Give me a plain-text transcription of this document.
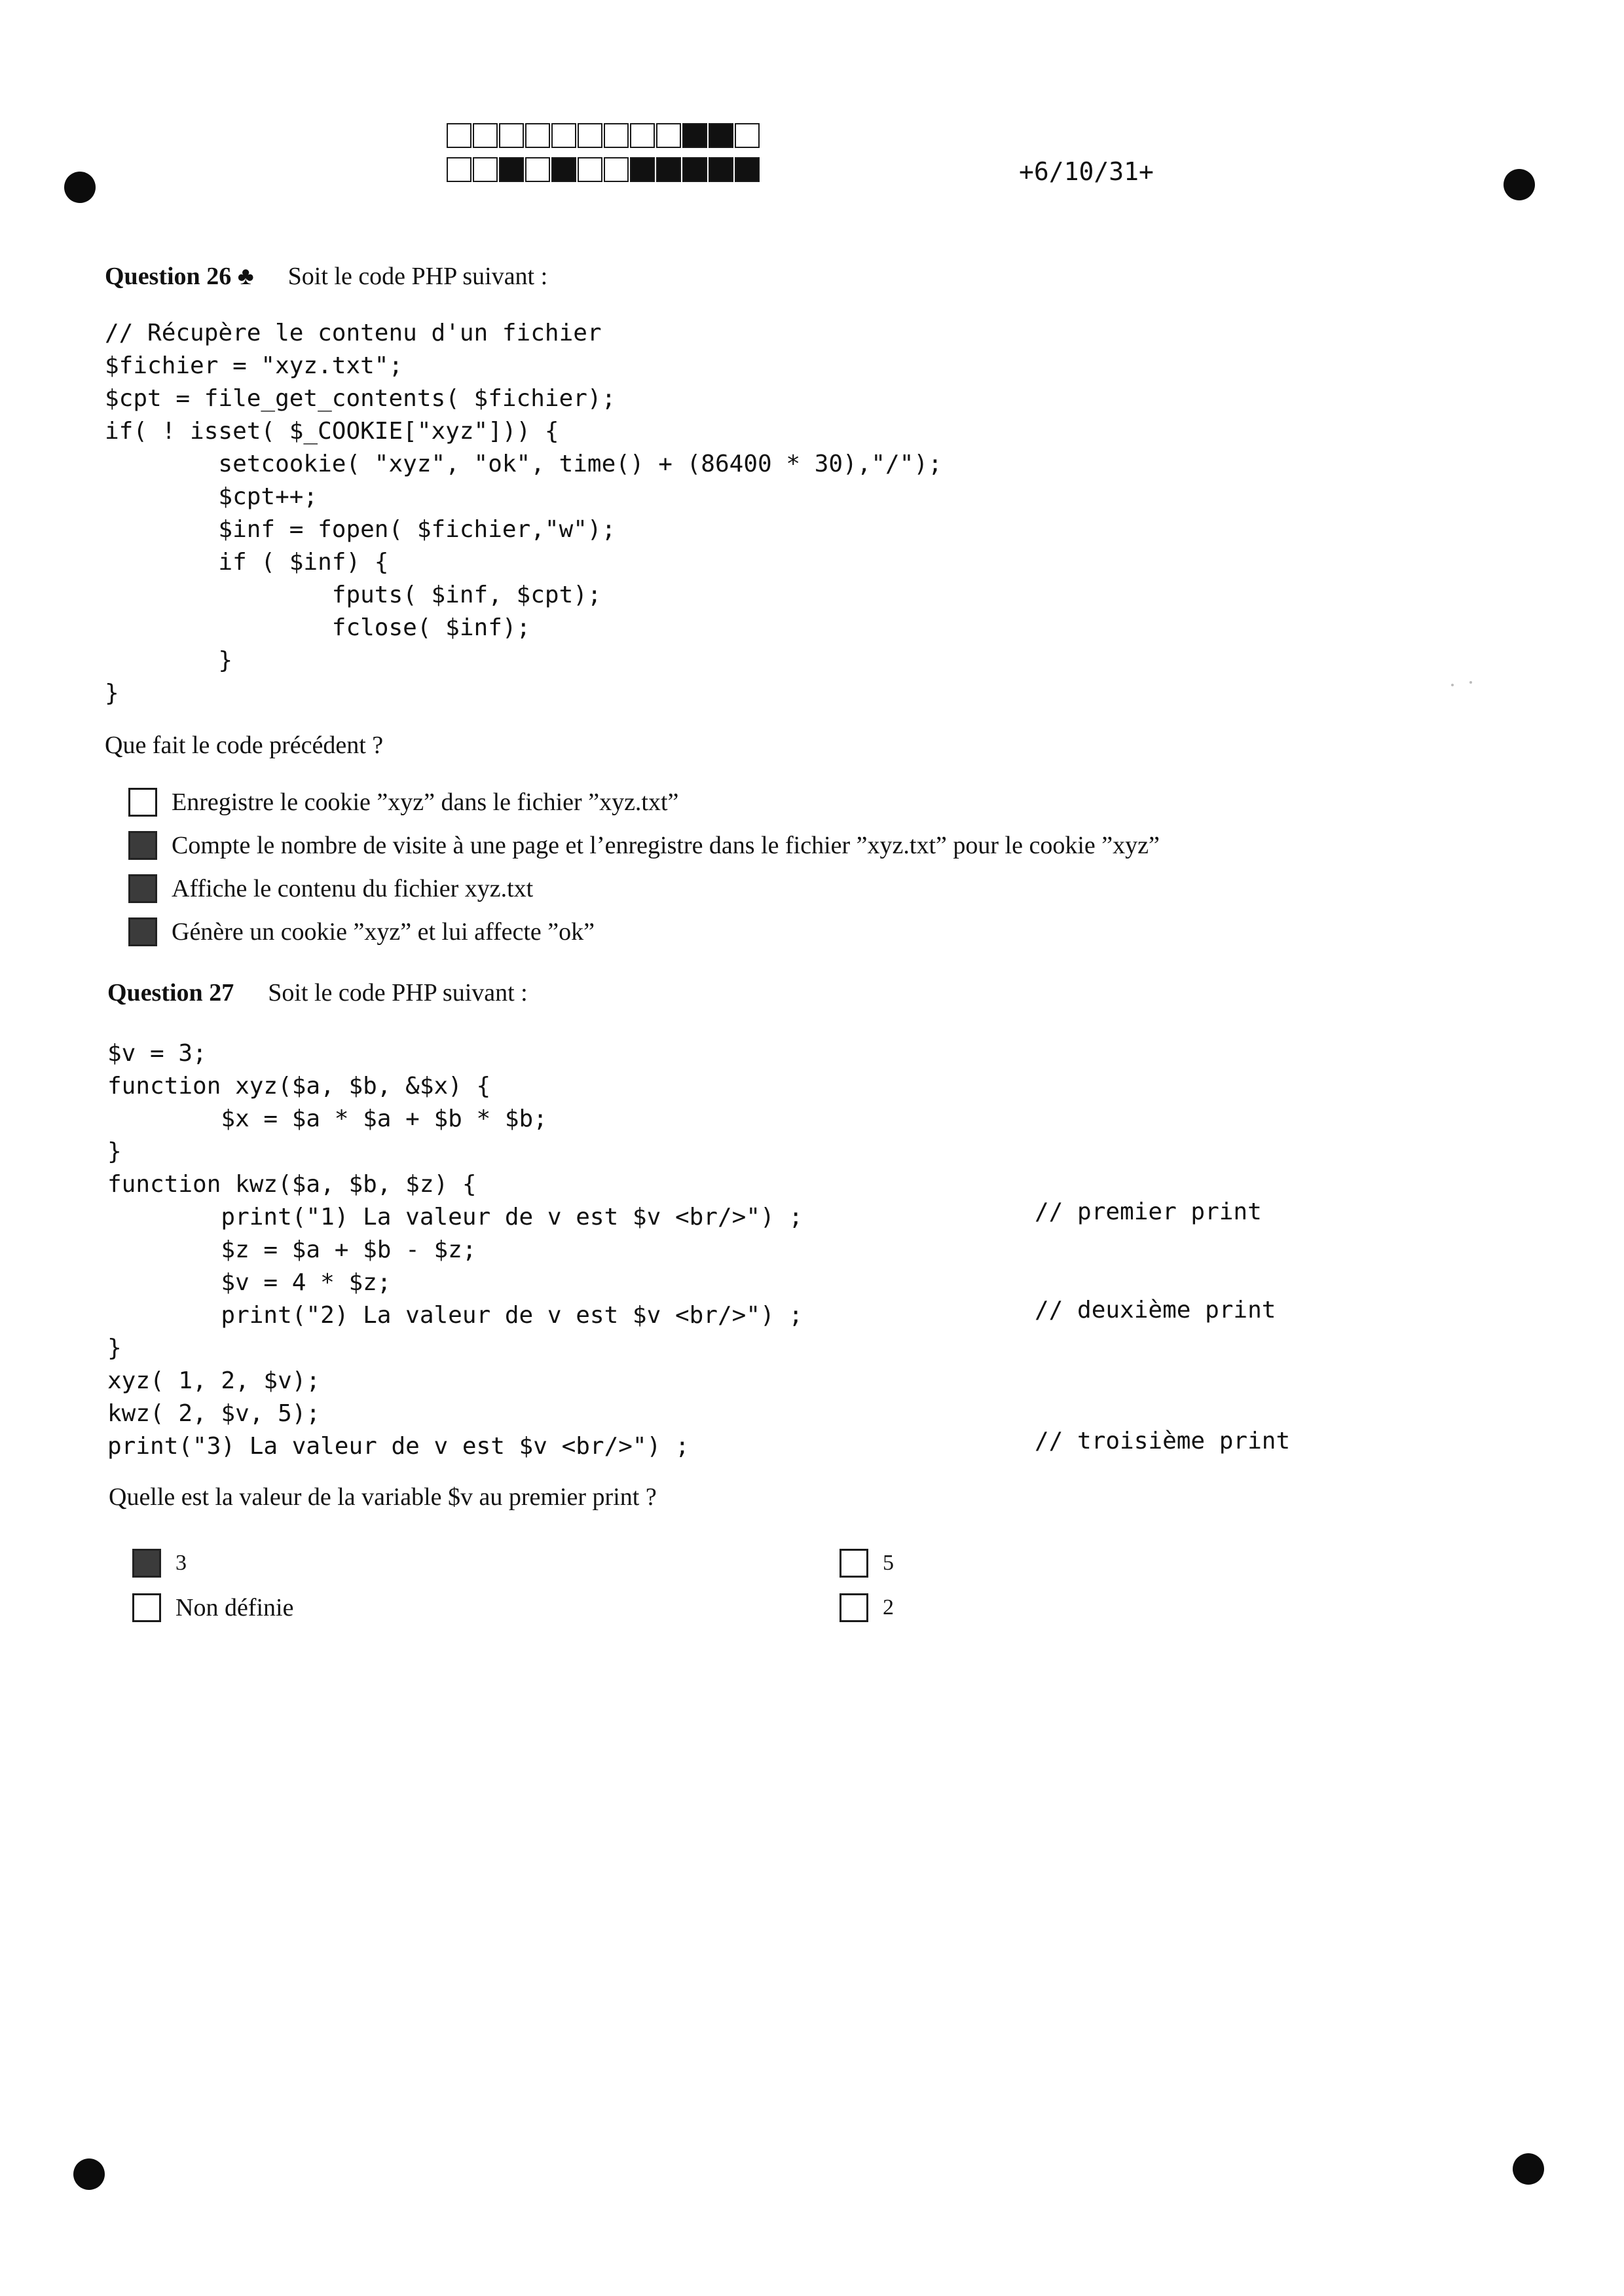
+6/10/31+
Question 26 ♣ Soit le code PHP suivant :
// Récupère le contenu d'un fichier
$fichier = "xyz.txt";
$cpt = file_get_contents( $fichier);
if( ! isset( $_COOKIE["xyz"])) {
setcookie( "xyz", "ok", time() + (86400 * 30),"/");
$cpt++;
$inf = fopen( $fichier,"w");
if ( $inf) {
fputs( $inf, $cpt);
fclose( $inf);
}
}
Que fait le code précédent ?
Enregistre le cookie ”xyz” dans le fichier ”xyz.txt”
Compte le nombre de visite à une page et l’enregistre dans le fichier ”xyz.txt” pour le cookie ”xyz”
Affiche le contenu du fichier xyz.txt
Génère un cookie ”xyz” et lui affecte ”ok”
Question 27 Soit le code PHP suivant :
$v = 3;
function xyz($a, $b, &$x) {
$x = $a * $a + $b * $b;
}
function kwz($a, $b, $z) {
print("1) La valeur de v est $v <br/>") ;
$z = $a + $b - $z;
$v = 4 * $z;
print("2) La valeur de v est $v <br/>") ;
}
xyz( 1, 2, $v);
kwz( 2, $v, 5);
print("3) La valeur de v est $v <br/>") ;
// premier print
// deuxième print
// troisième print
Quelle est la valeur de la variable $v au premier print ?
3	5
Non définie	2
